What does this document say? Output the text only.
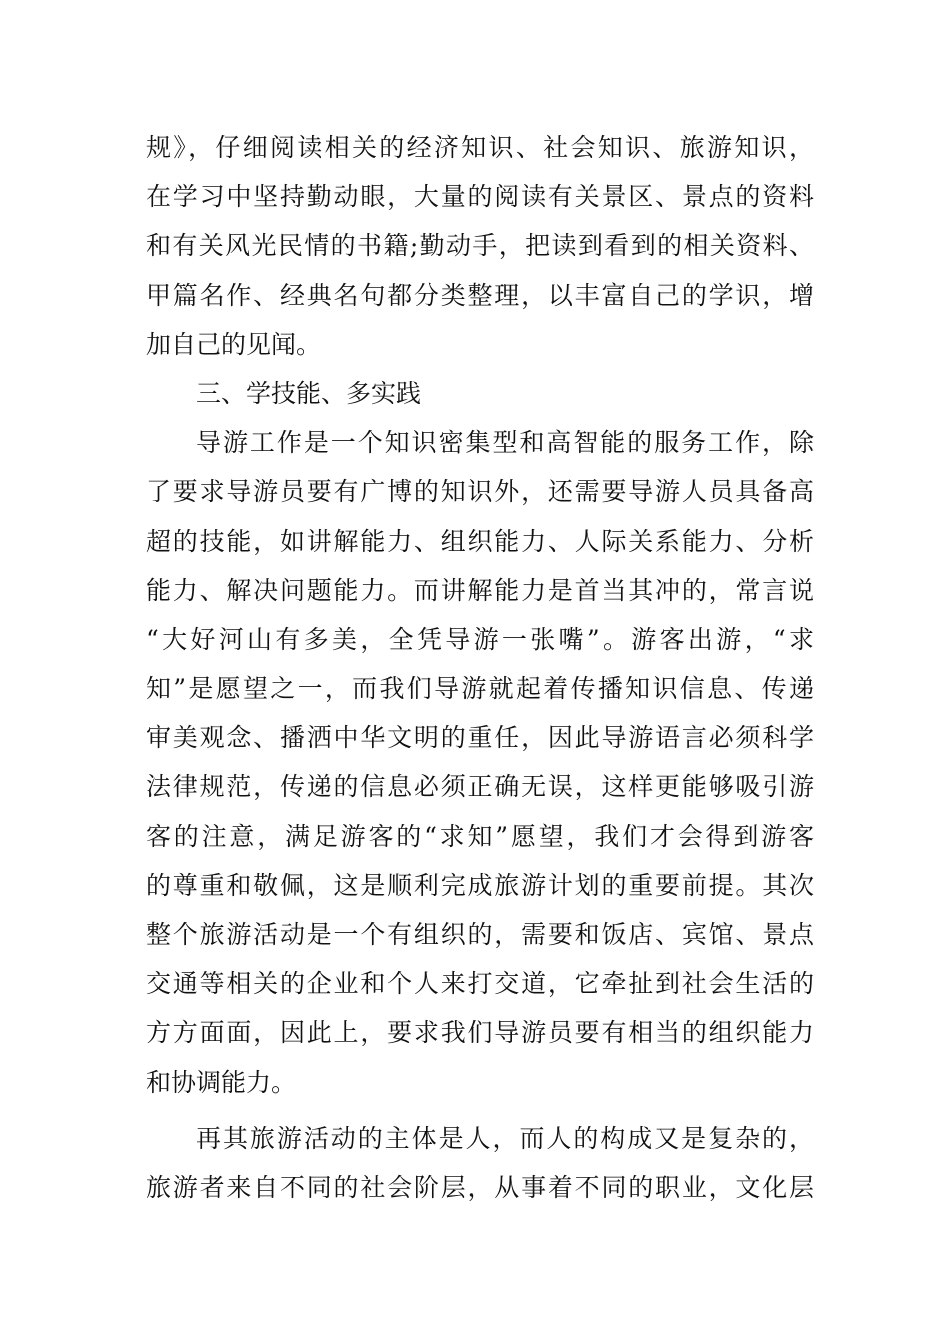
规》，仔细阅读相关的经济知识、社会知识、旅游知识，
在学习中坚持勤动眼，大量的阅读有关景区、景点的资料
和有关风光民情的书籍;勤动手，把读到看到的相关资料、
甲篇名作、经典名句都分类整理，以丰富自己的学识，增
加自己的见闻。
三、学技能、多实践
导游工作是一个知识密集型和高智能的服务工作，除
了要求导游员要有广博的知识外，还需要导游人员具备高
超的技能，如讲解能力、组织能力、人际关系能力、分析
能力、解决问题能力。而讲解能力是首当其冲的，常言说
“大好河山有多美，全凭导游一张嘴”。游客出游，“求
知”是愿望之一，而我们导游就起着传播知识信息、传递
审美观念、播洒中华文明的重任，因此导游语言必须科学
法律规范，传递的信息必须正确无误，这样更能够吸引游
客的注意，满足游客的“求知”愿望，我们才会得到游客
的尊重和敬佩，这是顺利完成旅游计划的重要前提。其次
整个旅游活动是一个有组织的，需要和饭店、宾馆、景点
交通等相关的企业和个人来打交道，它牵扯到社会生活的
方方面面，因此上，要求我们导游员要有相当的组织能力
和协调能力。
再其旅游活动的主体是人，而人的构成又是复杂的，
旅游者来自不同的社会阶层，从事着不同的职业，文化层
